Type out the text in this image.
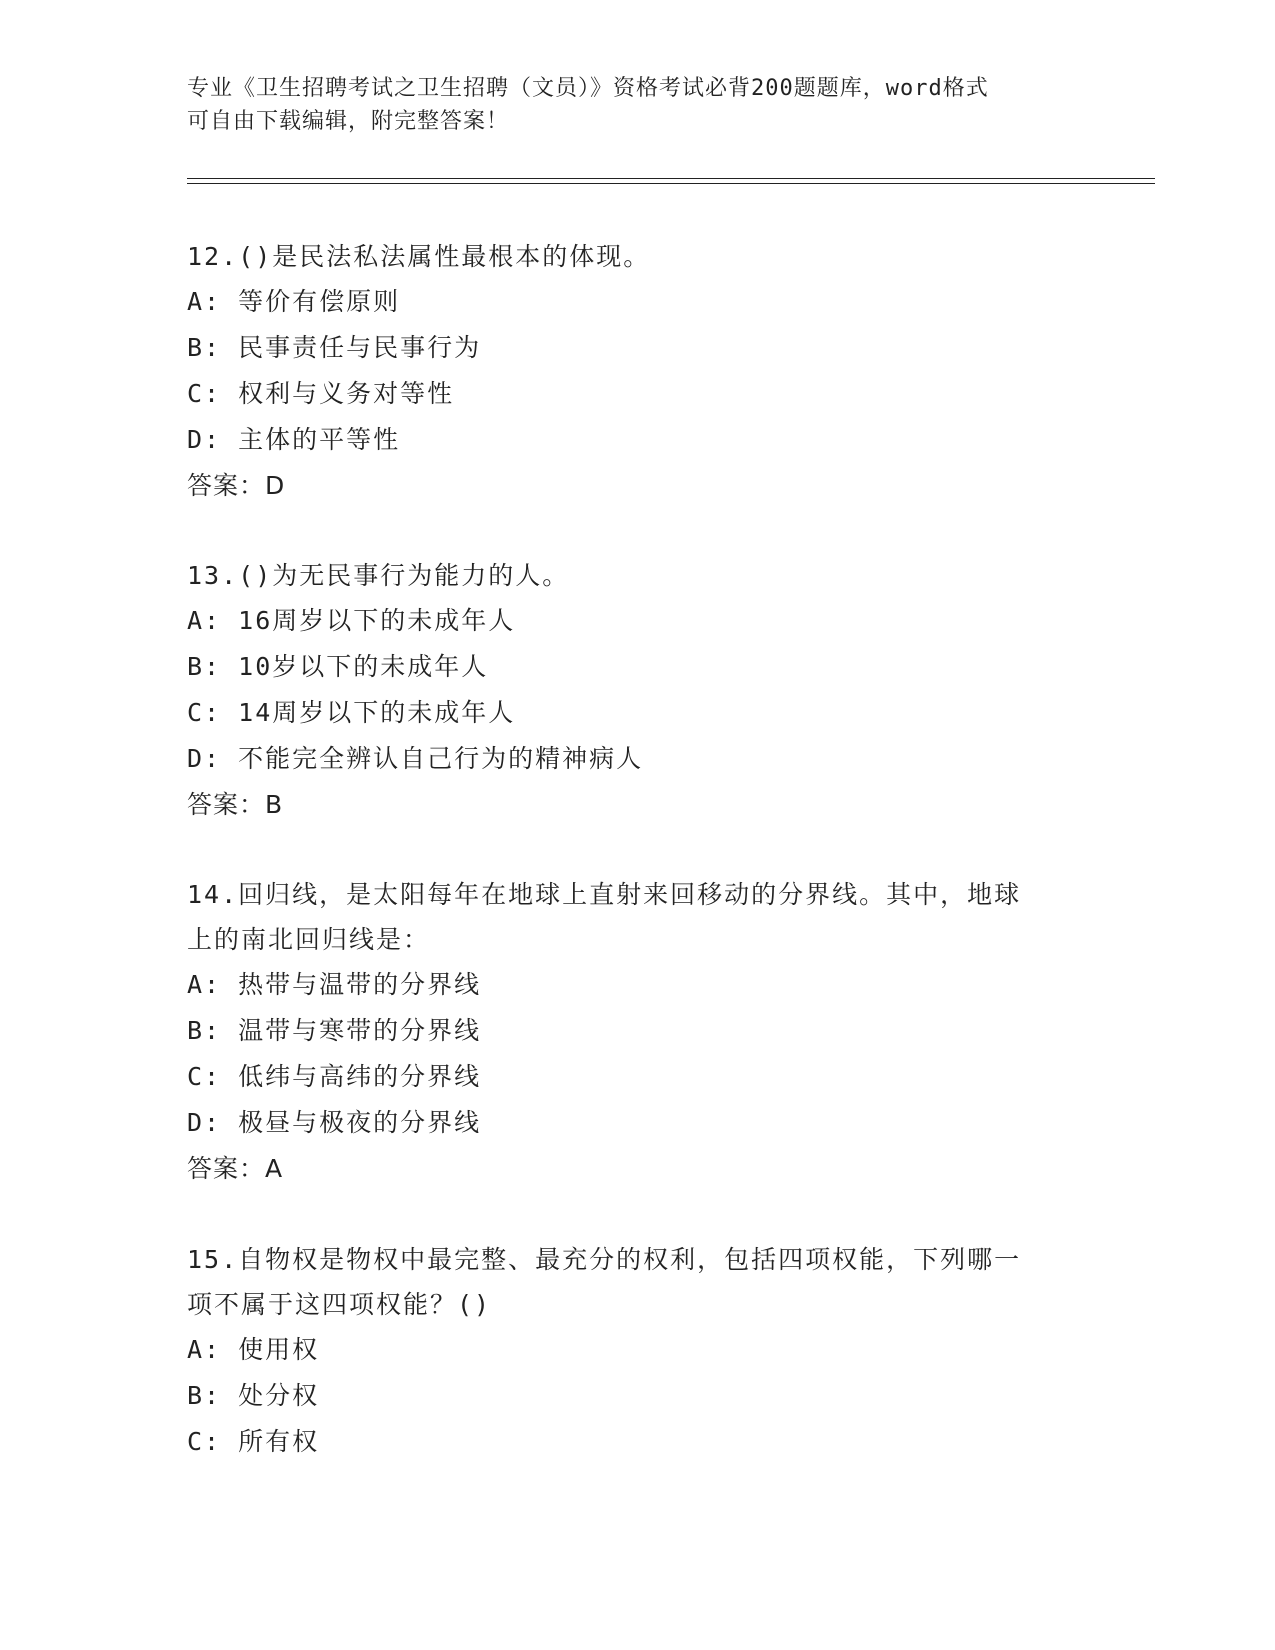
专业《卫生招聘考试之卫生招聘（文员）》资格考试必背200题题库，word格式
可自由下载编辑，附完整答案！

12.()是民法私法属性最根本的体现。

A: 等价有偿原则

B: 民事责任与民事行为

C: 权利与义务对等性

D: 主体的平等性

答案：D

13.()为无民事行为能力的人。

A: 16周岁以下的未成年人

B: 10岁以下的未成年人

C: 14周岁以下的未成年人

D: 不能完全辨认自己行为的精神病人

答案：B

14.回归线，是太阳每年在地球上直射来回移动的分界线。其中，地球

上的南北回归线是：

A: 热带与温带的分界线

B: 温带与寒带的分界线

C: 低纬与高纬的分界线

D: 极昼与极夜的分界线

答案：A

15.自物权是物权中最完整、最充分的权利，包括四项权能，下列哪一

项不属于这四项权能？()

A: 使用权

B: 处分权

C: 所有权
